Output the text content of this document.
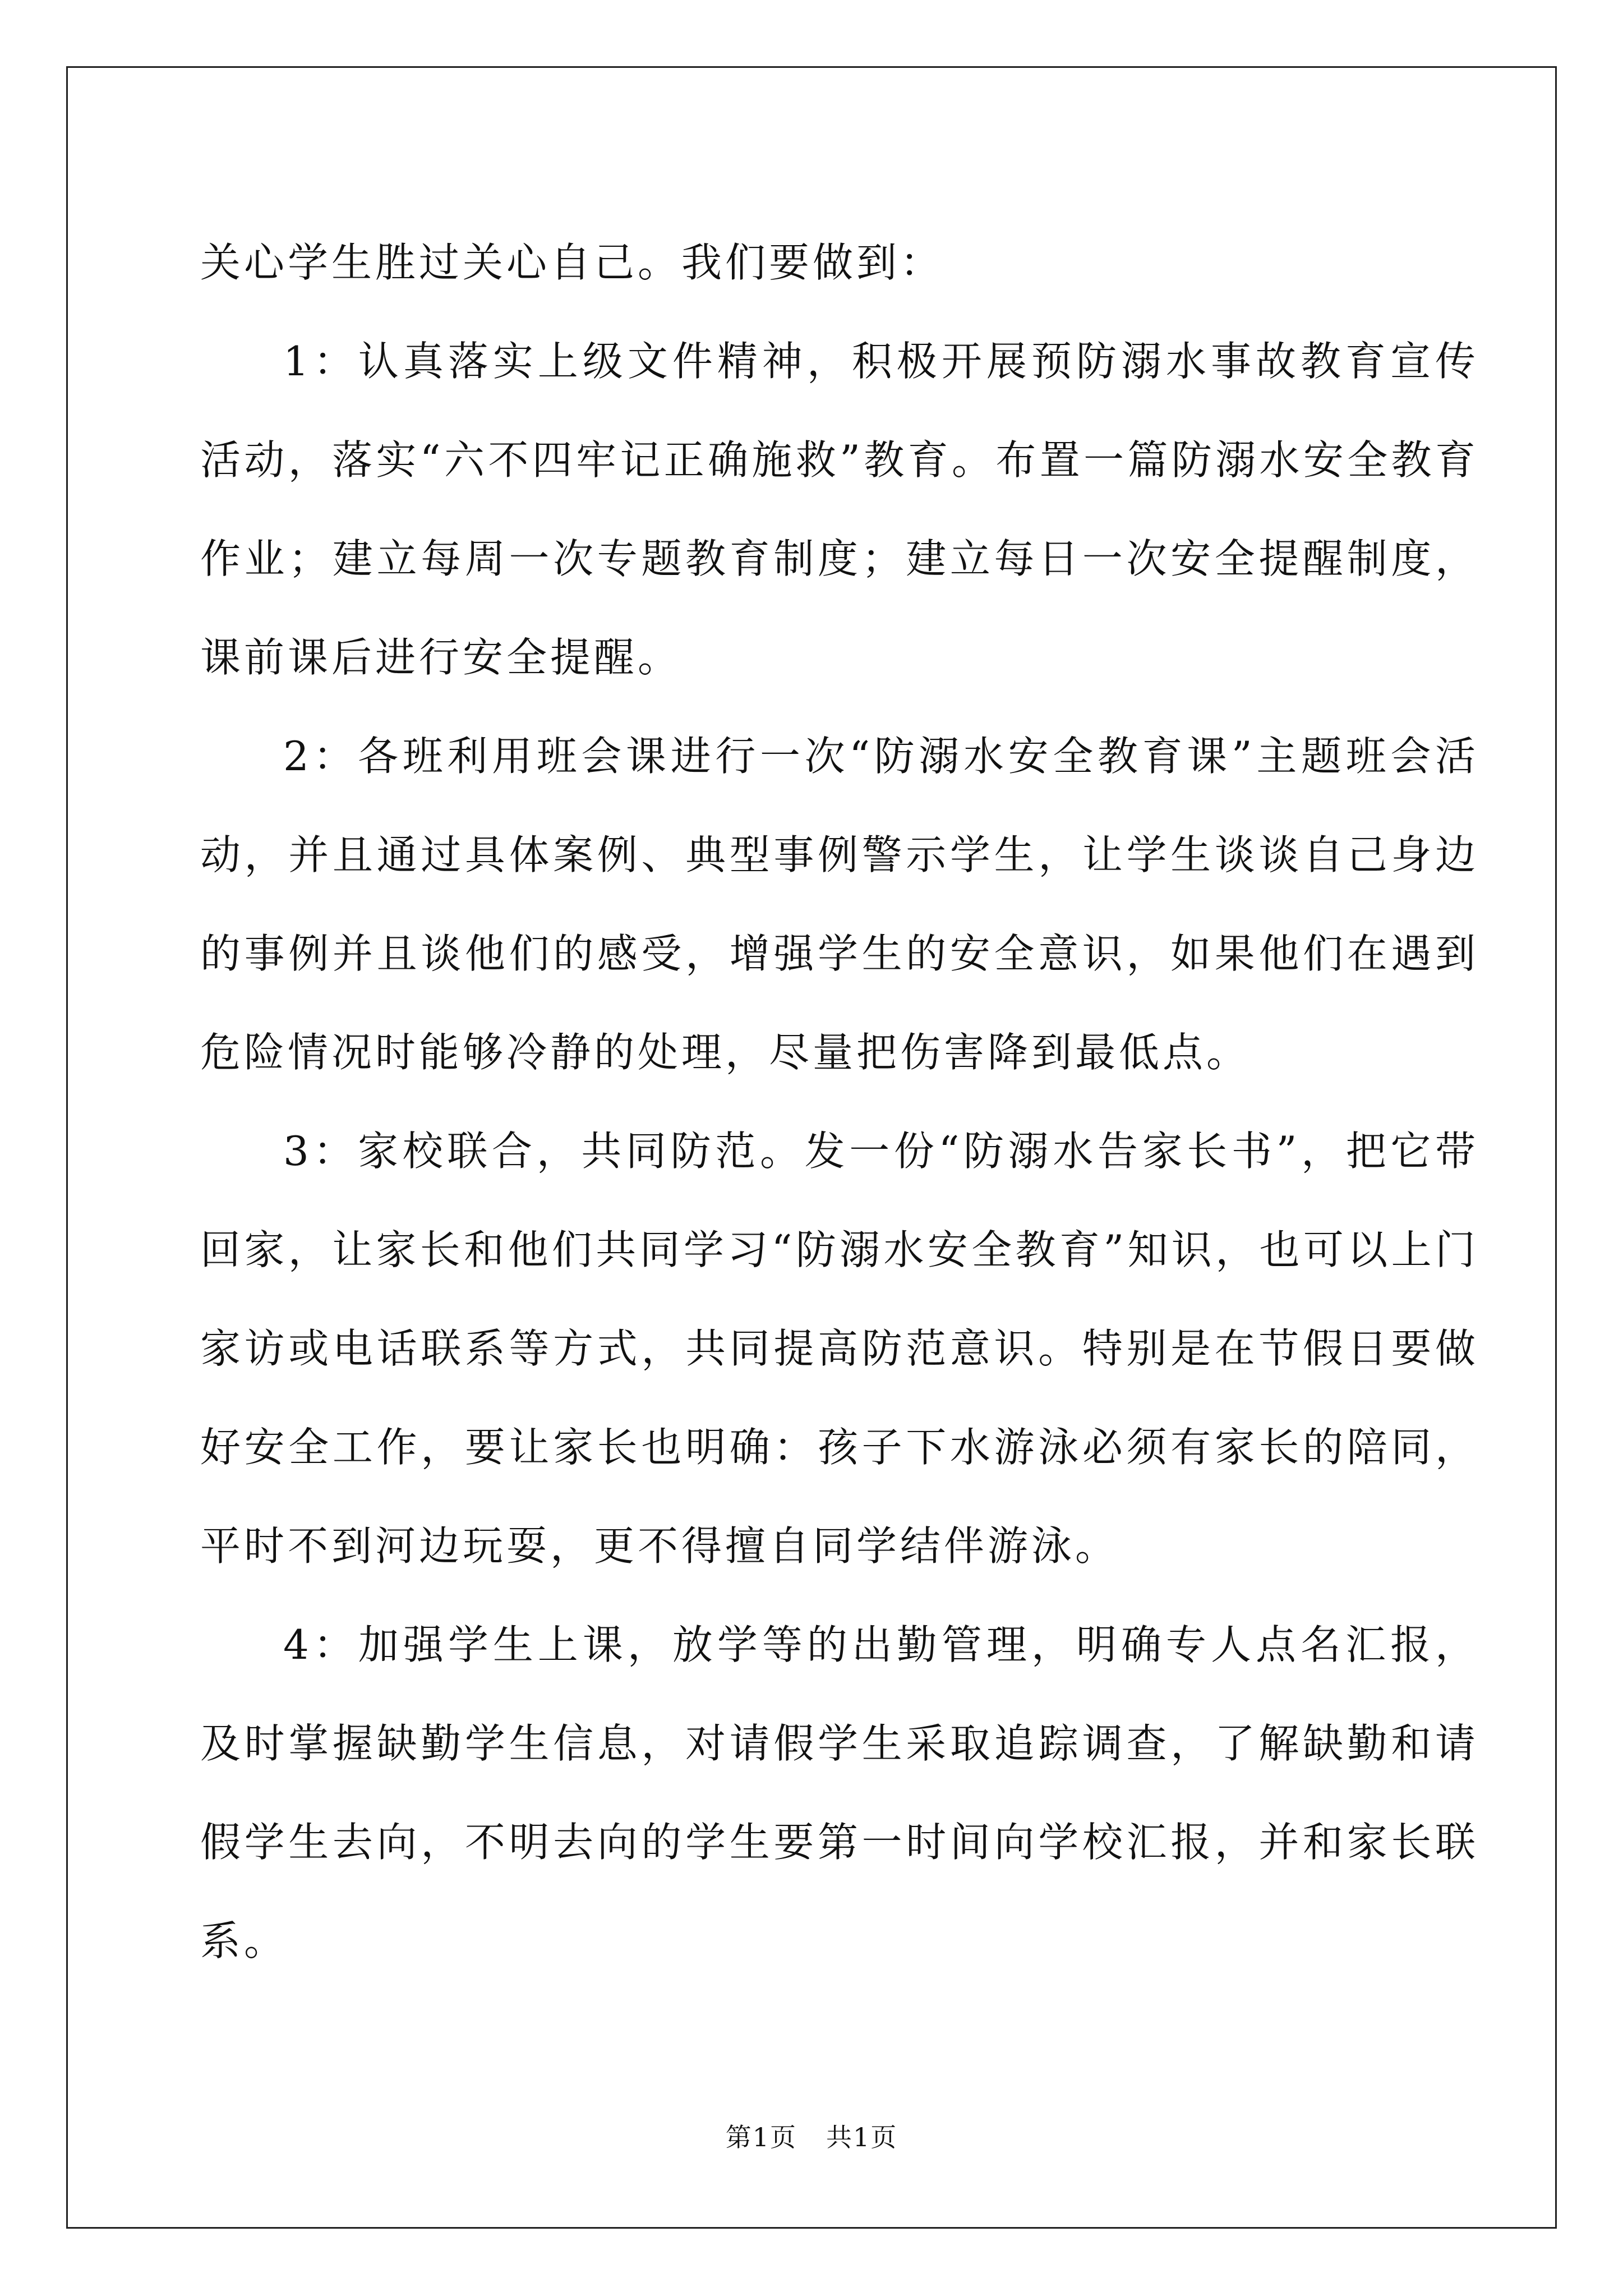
关心学生胜过关心自己。我们要做到：

1：认真落实上级文件精神，积极开展预防溺水事故教育宣传活动，落实“六不四牢记正确施救”教育。布置一篇防溺水安全教育作业；建立每周一次专题教育制度；建立每日一次安全提醒制度，课前课后进行安全提醒。

2：各班利用班会课进行一次“防溺水安全教育课”主题班会活动，并且通过具体案例、典型事例警示学生，让学生谈谈自己身边的事例并且谈他们的感受，增强学生的安全意识，如果他们在遇到危险情况时能够冷静的处理，尽量把伤害降到最低点。

3：家校联合，共同防范。发一份“防溺水告家长书”，把它带回家，让家长和他们共同学习“防溺水安全教育”知识，也可以上门家访或电话联系等方式，共同提高防范意识。特别是在节假日要做好安全工作，要让家长也明确：孩子下水游泳必须有家长的陪同，平时不到河边玩耍，更不得擅自同学结伴游泳。

4：加强学生上课，放学等的出勤管理，明确专人点名汇报，及时掌握缺勤学生信息，对请假学生采取追踪调查，了解缺勤和请假学生去向，不明去向的学生要第一时间向学校汇报，并和家长联系。

第1页 共1页
